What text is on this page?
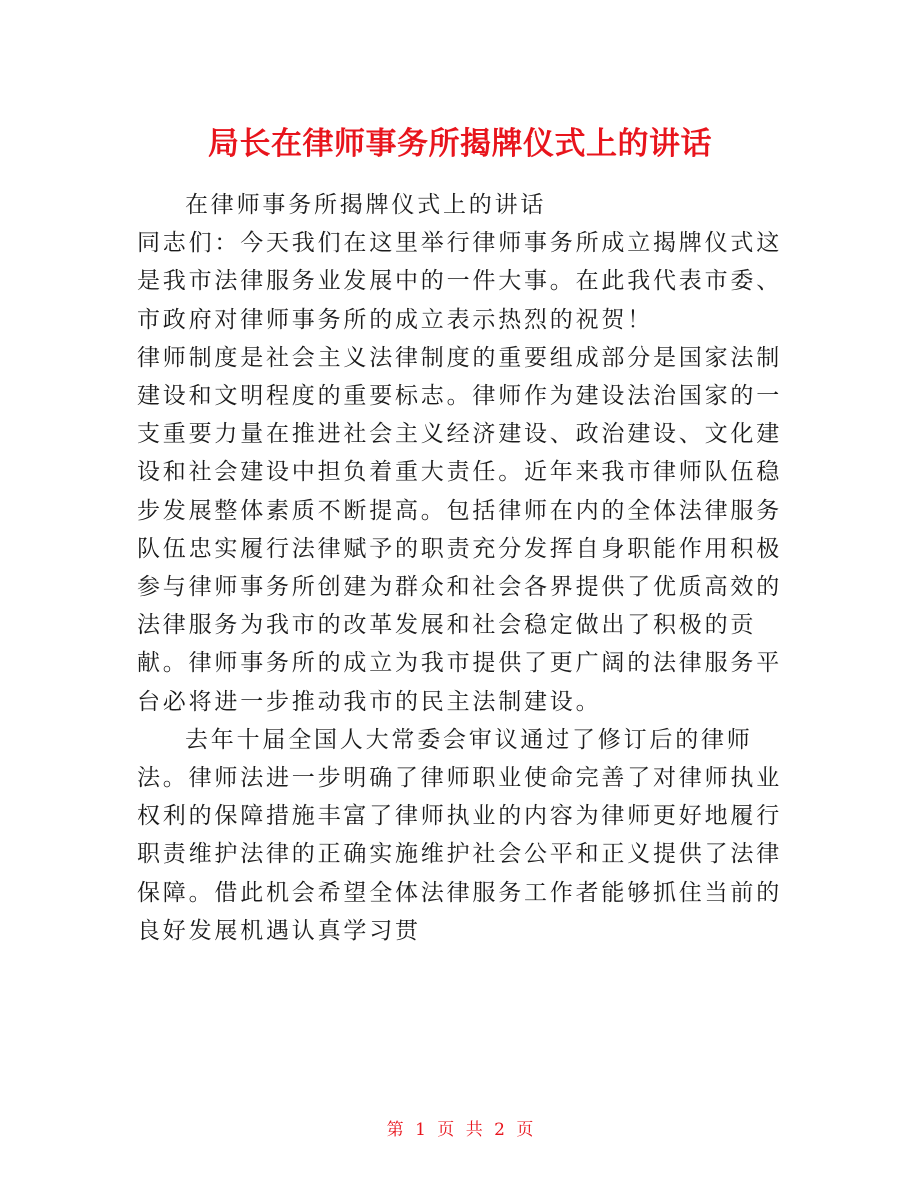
局长在律师事务所揭牌仪式上的讲话

在律师事务所揭牌仪式上的讲话

同志们：今天我们在这里举行律师事务所成立揭牌仪式这是我市法律服务业发展中的一件大事。在此我代表市委、市政府对律师事务所的成立表示热烈的祝贺！

律师制度是社会主义法律制度的重要组成部分是国家法制建设和文明程度的重要标志。律师作为建设法治国家的一支重要力量在推进社会主义经济建设、政治建设、文化建设和社会建设中担负着重大责任。近年来我市律师队伍稳步发展整体素质不断提高。包括律师在内的全体法律服务队伍忠实履行法律赋予的职责充分发挥自身职能作用积极参与律师事务所创建为群众和社会各界提供了优质高效的法律服务为我市的改革发展和社会稳定做出了积极的贡献。律师事务所的成立为我市提供了更广阔的法律服务平台必将进一步推动我市的民主法制建设。

去年十届全国人大常委会审议通过了修订后的律师法。律师法进一步明确了律师职业使命完善了对律师执业权利的保障措施丰富了律师执业的内容为律师更好地履行职责维护法律的正确实施维护社会公平和正义提供了法律保障。借此机会希望全体法律服务工作者能够抓住当前的良好发展机遇认真学习贯

第 1 页 共 2 页
